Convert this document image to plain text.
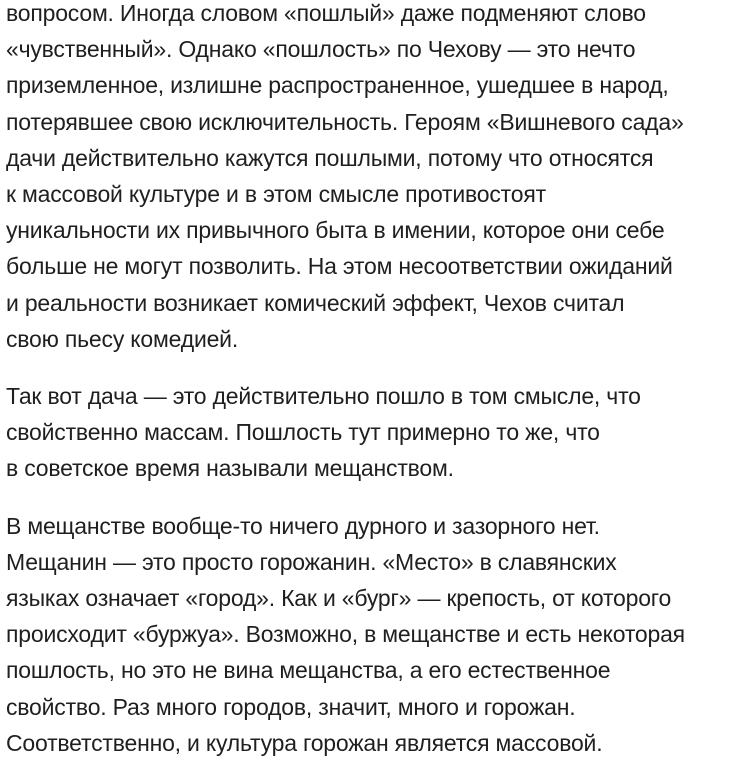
вопросом. Иногда словом «пошлый» даже подменяют слово
«чувственный». Однако «пошлость» по Чехову — это нечто
приземленное, излишне распространенное, ушедшее в народ,
потерявшее свою исключительность. Героям «Вишневого сада»
дачи действительно кажутся пошлыми, потому что относятся
к массовой культуре и в этом смысле противостоят
уникальности их привычного быта в имении, которое они себе
больше не могут позволить. На этом несоответствии ожиданий
и реальности возникает комический эффект, Чехов считал
свою пьесу комедией.
Так вот дача — это действительно пошло в том смысле, что
свойственно массам. Пошлость тут примерно то же, что
в советское время называли мещанством.
В мещанстве вообще-то ничего дурного и зазорного нет.
Мещанин — это просто горожанин. «Место» в славянских
языках означает «город». Как и «бург» — крепость, от которого
происходит «буржуа». Возможно, в мещанстве и есть некоторая
пошлость, но это не вина мещанства, а его естественное
свойство. Раз много городов, значит, много и горожан.
Соответственно, и культура горожан является массовой.
